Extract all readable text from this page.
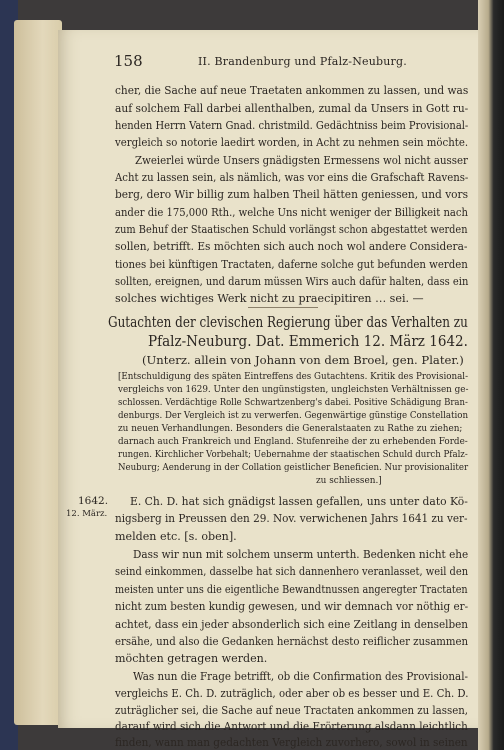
158	II. Brandenburg und Pfalz-Neuburg.
cher, die Sache auf neue Traetaten ankommen zu lassen, und was
auf solchem Fall darbei allenthalben, zumal da Unsers in Gott ru-
henden Herrn Vatern Gnad. christmild. Gedächtniss beim Provisional-
vergleich so notorie laedirt worden, in Acht zu nehmen sein möchte.
Zweierlei würde Unsers gnädigsten Ermessens wol nicht ausser
Acht zu lassen sein, als nämlich, was vor eins die Grafschaft Ravens-
berg, dero Wir billig zum halben Theil hätten geniessen, und vors
ander die 175,000 Rth., welche Uns nicht weniger der Billigkeit nach
zum Behuf der Staatischen Schuld vorlängst schon abgestattet werden
sollen, betrifft. Es möchten sich auch noch wol andere Considera-
tiones bei künftigen Tractaten, daferne solche gut befunden werden
sollten, ereignen, und darum müssen Wirs auch dafür halten, dass ein
solches wichtiges Werk nicht zu praecipitiren … sei. —
Gutachten der clevischen Regierung über das Verhalten zu
Pfalz-Neuburg. Dat. Emmerich 12. März 1642.
(Unterz. allein von Johann von dem Broel, gen. Plater.)
[Entschuldigung des späten Eintreffens des Gutachtens. Kritik des Provisional-
vergleichs von 1629. Unter den ungünstigsten, ungleichsten Verhältnissen ge-
schlossen. Verdächtige Rolle Schwartzenberg's dabei. Positive Schädigung Bran-
denburgs. Der Vergleich ist zu verwerfen. Gegenwärtige günstige Constellation
zu neuen Verhandlungen. Besonders die Generalstaaten zu Rathe zu ziehen;
darnach auch Frankreich und England. Stufenreihe der zu erhebenden Forde-
rungen. Kirchlicher Vorbehalt; Uebernahme der staatischen Schuld durch Pfalz-
Neuburg; Aenderung in der Collation geistlicher Beneficien. Nur provisionaliter
zu schliessen.]
1642.
12. März.
E. Ch. D. hat sich gnädigst lassen gefallen, uns unter dato Kö-
nigsberg in Preussen den 29. Nov. verwichenen Jahrs 1641 zu ver-
melden etc. [s. oben].
Dass wir nun mit solchem unserm unterth. Bedenken nicht ehe
seind einkommen, dasselbe hat sich dannenhero veranlasset, weil den
meisten unter uns die eigentliche Bewandtnussen angeregter Tractaten
nicht zum besten kundig gewesen, und wir demnach vor nöthig er-
achtet, dass ein jeder absonderlich sich eine Zeitlang in denselben
ersähe, und also die Gedanken hernächst desto reiflicher zusammen
möchten getragen werden.
Was nun die Frage betrifft, ob die Confirmation des Provisional-
vergleichs E. Ch. D. zuträglich, oder aber ob es besser und E. Ch. D.
zuträglicher sei, die Sache auf neue Tractaten ankommen zu lassen,
darauf wird sich die Antwort und die Erörterung alsdann leichtlich
finden, wann man gedachten Vergleich zuvorhero, sowol in seinen
